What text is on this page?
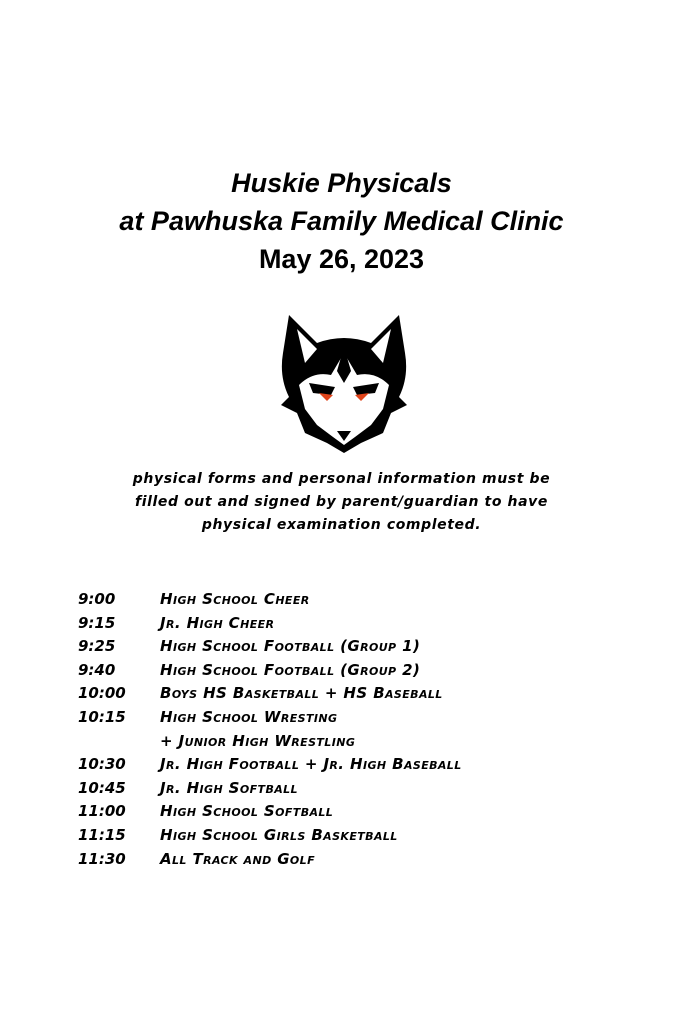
Huskie Physicals
at Pawhuska Family Medical Clinic
May 26, 2023
physical forms and personal information must be
filled out and signed by parent/guardian to have
physical examination completed.
9:00	High School Cheer
9:15	Jr. High Cheer
9:25	High School Football (Group 1)
9:40	High School Football (Group 2)
10:00	Boys HS Basketball + HS Baseball
10:15	High School Wresting
+ Junior High Wrestling
10:30	Jr. High Football + Jr. High Baseball
10:45	Jr. High Softball
11:00	High School Softball
11:15	High School Girls Basketball
11:30	All Track and Golf
